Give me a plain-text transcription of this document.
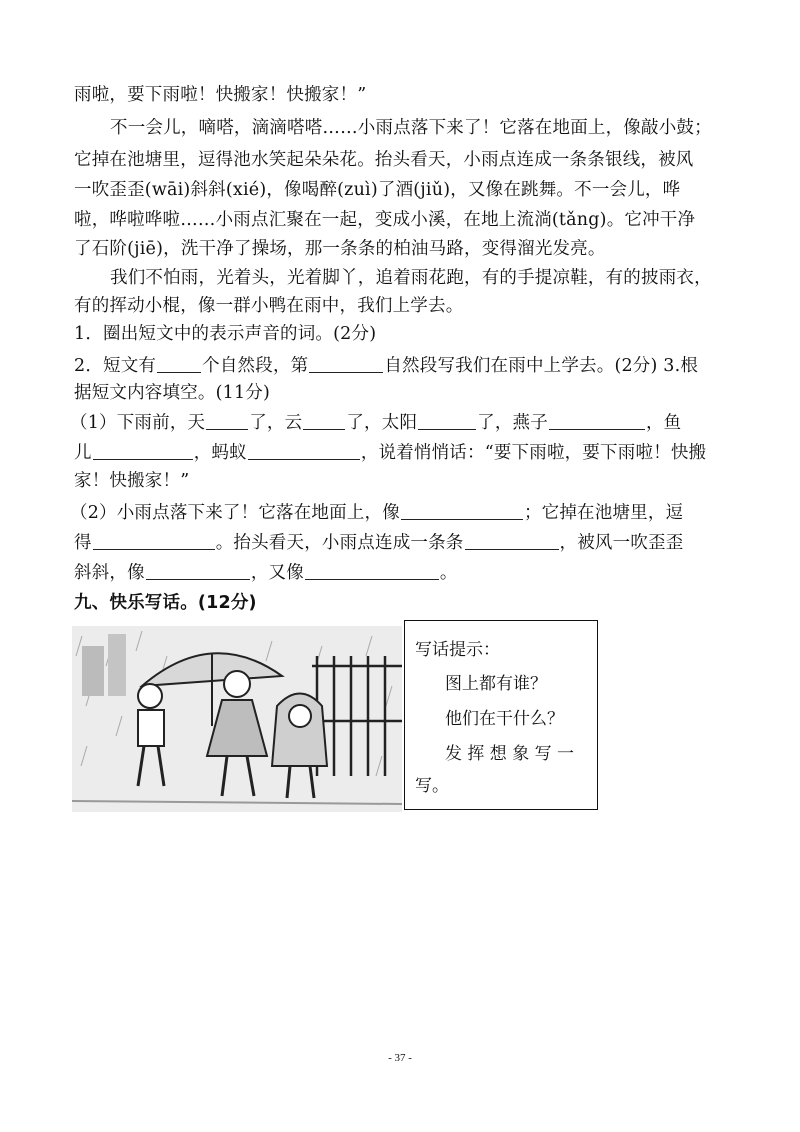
雨啦，要下雨啦！快搬家！快搬家！”
不一会儿，嘀嗒，滴滴嗒嗒……小雨点落下来了！它落在地面上，像敲小鼓；
它掉在池塘里，逗得池水笑起朵朵花。抬头看天，小雨点连成一条条银线，被风
一吹歪歪(wāi)斜斜(xié)，像喝醉(zuì)了酒(jiǔ)，又像在跳舞。不一会儿，哗
啦，哗啦哗啦……小雨点汇聚在一起，变成小溪，在地上流淌(tǎng)。它冲干净
了石阶(jiē)，洗干净了操场，那一条条的柏油马路，变得溜光发亮。
我们不怕雨，光着头，光着脚丫，追着雨花跑，有的手提凉鞋，有的披雨衣，
有的挥动小棍，像一群小鸭在雨中，我们上学去。
1．圈出短文中的表示声音的词。(2分)
2．短文有	个自然段，第	自然段写我们在雨中上学去。(2分) 3.根
据短文内容填空。(11分)
（1）下雨前，天	了，云	了，太阳	了，燕子	，鱼
儿	，蚂蚁	，说着悄悄话：“要下雨啦，要下雨啦！快搬
家！快搬家！”
（2）小雨点落下来了！它落在地面上，像	；它掉在池塘里，逗
得	。抬头看天，小雨点连成一条条	，被风一吹歪歪
斜斜，像	，又像	。
九、快乐写话。(12分)
写话提示：
图上都有谁？
他们在干什么？
发 挥 想 象 写 一
写。
- 37 -
